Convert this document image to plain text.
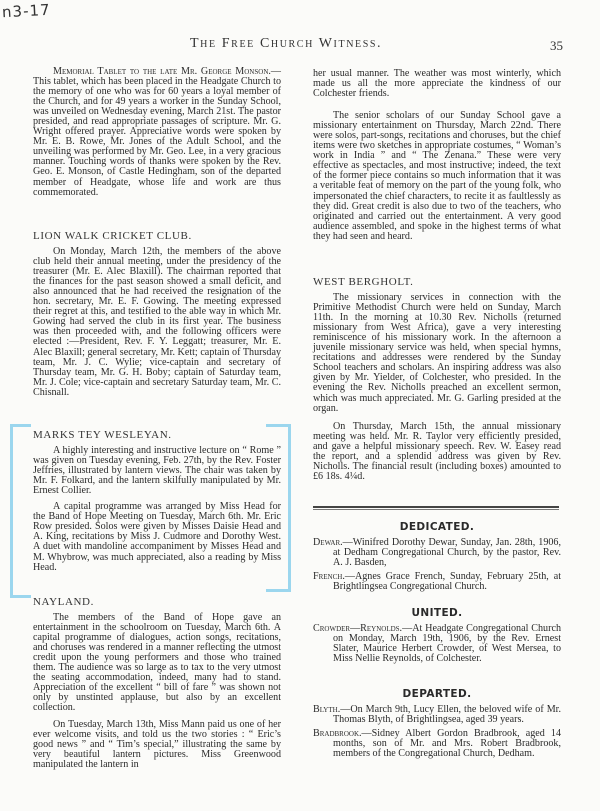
n3-17
The Free Church Witness.	35

Memorial Tablet to the late Mr. George Monson.—This tablet, which has been placed in the Headgate Church to the memory of one who was for 60 years a loyal member of the Church, and for 49 years a worker in the Sunday School, was unveiled on Wednesday evening, March 21st. The pastor presided, and read appropriate passages of scripture. Mr. G. Wright offered prayer. Appreciative words were spoken by Mr. E. B. Rowe, Mr. Jones of the Adult School, and the unveiling was performed by Mr. Geo. Lee, in a very gracious manner. Touching words of thanks were spoken by the Rev. Geo. E. Monson, of Castle Hedingham, son of the departed member of Headgate, whose life and work are thus commemorated.

LION WALK CRICKET CLUB.

On Monday, March 12th, the members of the above club held their annual meeting, under the presidency of the treasurer (Mr. E. Alec Blaxill). The chairman reported that the finances for the past season showed a small deficit, and also announced that he had received the resignation of the hon. secretary, Mr. E. F. Gowing. The meeting expressed their regret at this, and testified to the able way in which Mr. Gowing had served the club in its first year. The business was then proceeded with, and the following officers were elected :—President, Rev. F. Y. Leggatt; treasurer, Mr. E. Alec Blaxill; general secretary, Mr. Kett; captain of Thursday team, Mr. J. C. Wylie; vice-captain and secretary of Thursday team, Mr. G. H. Boby; captain of Saturday team, Mr. J. Cole; vice-captain and secretary Saturday team, Mr. C. Chisnall.

MARKS TEY WESLEYAN.

A highly interesting and instructive lecture on “ Rome ” was given on Tuesday evening, Feb. 27th, by the Rev. Foster Jeffries, illustrated by lantern views. The chair was taken by Mr. F. Folkard, and the lantern skilfully manipulated by Mr. Ernest Collier.

A capital programme was arranged by Miss Head for the Band of Hope Meeting on Tuesday, March 6th. Mr. Eric Row presided. Solos were given by Misses Daisie Head and A. King, recitations by Miss J. Cudmore and Dorothy West. A duet with mandoline accompaniment by Misses Head and M. Whybrow, was much appreciated, also a reading by Miss Head.

NAYLAND.

The members of the Band of Hope gave an entertainment in the schoolroom on Tuesday, March 6th. A capital programme of dialogues, action songs, recitations, and choruses was rendered in a manner reflecting the utmost credit upon the young performers and those who trained them. The audience was so large as to tax to the very utmost the seating accommodation, indeed, many had to stand. Appreciation of the excellent “ bill of fare ” was shown not only by unstinted applause, but also by an excellent collection.

On Tuesday, March 13th, Miss Mann paid us one of her ever welcome visits, and told us the two stories : “ Eric’s good news ” and “ Tim’s special,” illustrating the same by very beautiful lantern pictures. Miss Greenwood manipulated the lantern in

her usual manner. The weather was most winterly, which made us all the more appreciate the kindness of our Colchester friends.

The senior scholars of our Sunday School gave a missionary entertainment on Thursday, March 22nd. There were solos, part-songs, recitations and choruses, but the chief items were two sketches in appropriate costumes, “ Woman’s work in India ” and “ The Zenana.” These were very effective as spectacles, and most instructive; indeed, the text of the former piece contains so much information that it was a veritable feat of memory on the part of the young folk, who impersonated the chief characters, to recite it as faultlessly as they did. Great credit is also due to two of the teachers, who originated and carried out the entertainment. A very good audience assembled, and spoke in the highest terms of what they had seen and heard.

WEST BERGHOLT.

The missionary services in connection with the Primitive Methodist Church were held on Sunday, March 11th. In the morning at 10.30 Rev. Nicholls (returned missionary from West Africa), gave a very interesting reminiscence of his missionary work. In the afternoon a juvenile missionary service was held, when special hymns, recitations and addresses were rendered by the Sunday School teachers and scholars. An inspiring address was also given by Mr. Yielder, of Colchester, who presided. In the evening the Rev. Nicholls preached an excellent sermon, which was much appreciated. Mr. G. Garling presided at the organ.

On Thursday, March 15th, the annual missionary meeting was held. Mr. R. Taylor very efficiently presided, and gave a helpful missionary speech. Rev. W. Easey read the report, and a splendid address was given by Rev. Nicholls. The financial result (including boxes) amounted to £6 18s. 4¼d.

DEDICATED.

Dewar.—Winifred Dorothy Dewar, Sunday, Jan. 28th, 1906, at Dedham Congregational Church, by the pastor, Rev. A. J. Basden,

French.—Agnes Grace French, Sunday, February 25th, at Brightlingsea Congregational Church.

UNITED.

Crowder—Reynolds.—At Headgate Congregational Church on Monday, March 19th, 1906, by the Rev. Ernest Slater, Maurice Herbert Crowder, of West Mersea, to Miss Nellie Reynolds, of Colchester.

DEPARTED.

Blyth.—On March 9th, Lucy Ellen, the beloved wife of Mr. Thomas Blyth, of Brightlingsea, aged 39 years.

Bradbrook.—Sidney Albert Gordon Bradbrook, aged 14 months, son of Mr. and Mrs. Robert Bradbrook, members of the Congregational Church, Dedham.
